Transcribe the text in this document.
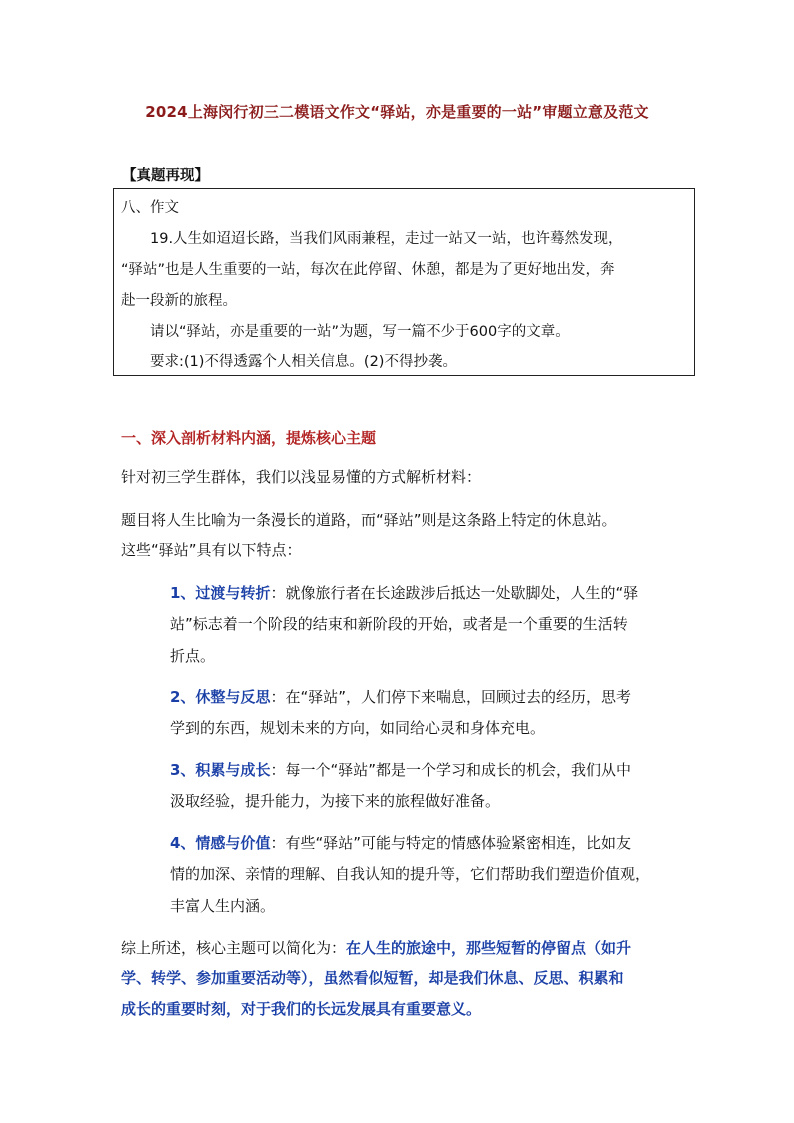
2024上海闵行初三二模语文作文“驿站，亦是重要的一站”审题立意及范文
【真题再现】
八、作文
19.人生如迢迢长路，当我们风雨兼程，走过一站又一站，也许蓦然发现，
“驿站”也是人生重要的一站，每次在此停留、休憩，都是为了更好地出发，奔
赴一段新的旅程。
请以“驿站，亦是重要的一站”为题，写一篇不少于600字的文章。
要求:(1)不得透露个人相关信息。(2)不得抄袭。
一、深入剖析材料内涵，提炼核心主题
针对初三学生群体，我们以浅显易懂的方式解析材料：
题目将人生比喻为一条漫长的道路，而“驿站”则是这条路上特定的休息站。
这些“驿站”具有以下特点：
1、过渡与转折：就像旅行者在长途跋涉后抵达一处歇脚处，人生的“驿
站”标志着一个阶段的结束和新阶段的开始，或者是一个重要的生活转
折点。
2、休整与反思：在“驿站”，人们停下来喘息，回顾过去的经历，思考
学到的东西，规划未来的方向，如同给心灵和身体充电。
3、积累与成长：每一个“驿站”都是一个学习和成长的机会，我们从中
汲取经验，提升能力，为接下来的旅程做好准备。
4、情感与价值：有些“驿站”可能与特定的情感体验紧密相连，比如友
情的加深、亲情的理解、自我认知的提升等，它们帮助我们塑造价值观，
丰富人生内涵。
综上所述，核心主题可以简化为：在人生的旅途中，那些短暂的停留点（如升
学、转学、参加重要活动等），虽然看似短暂，却是我们休息、反思、积累和
成长的重要时刻，对于我们的长远发展具有重要意义。
